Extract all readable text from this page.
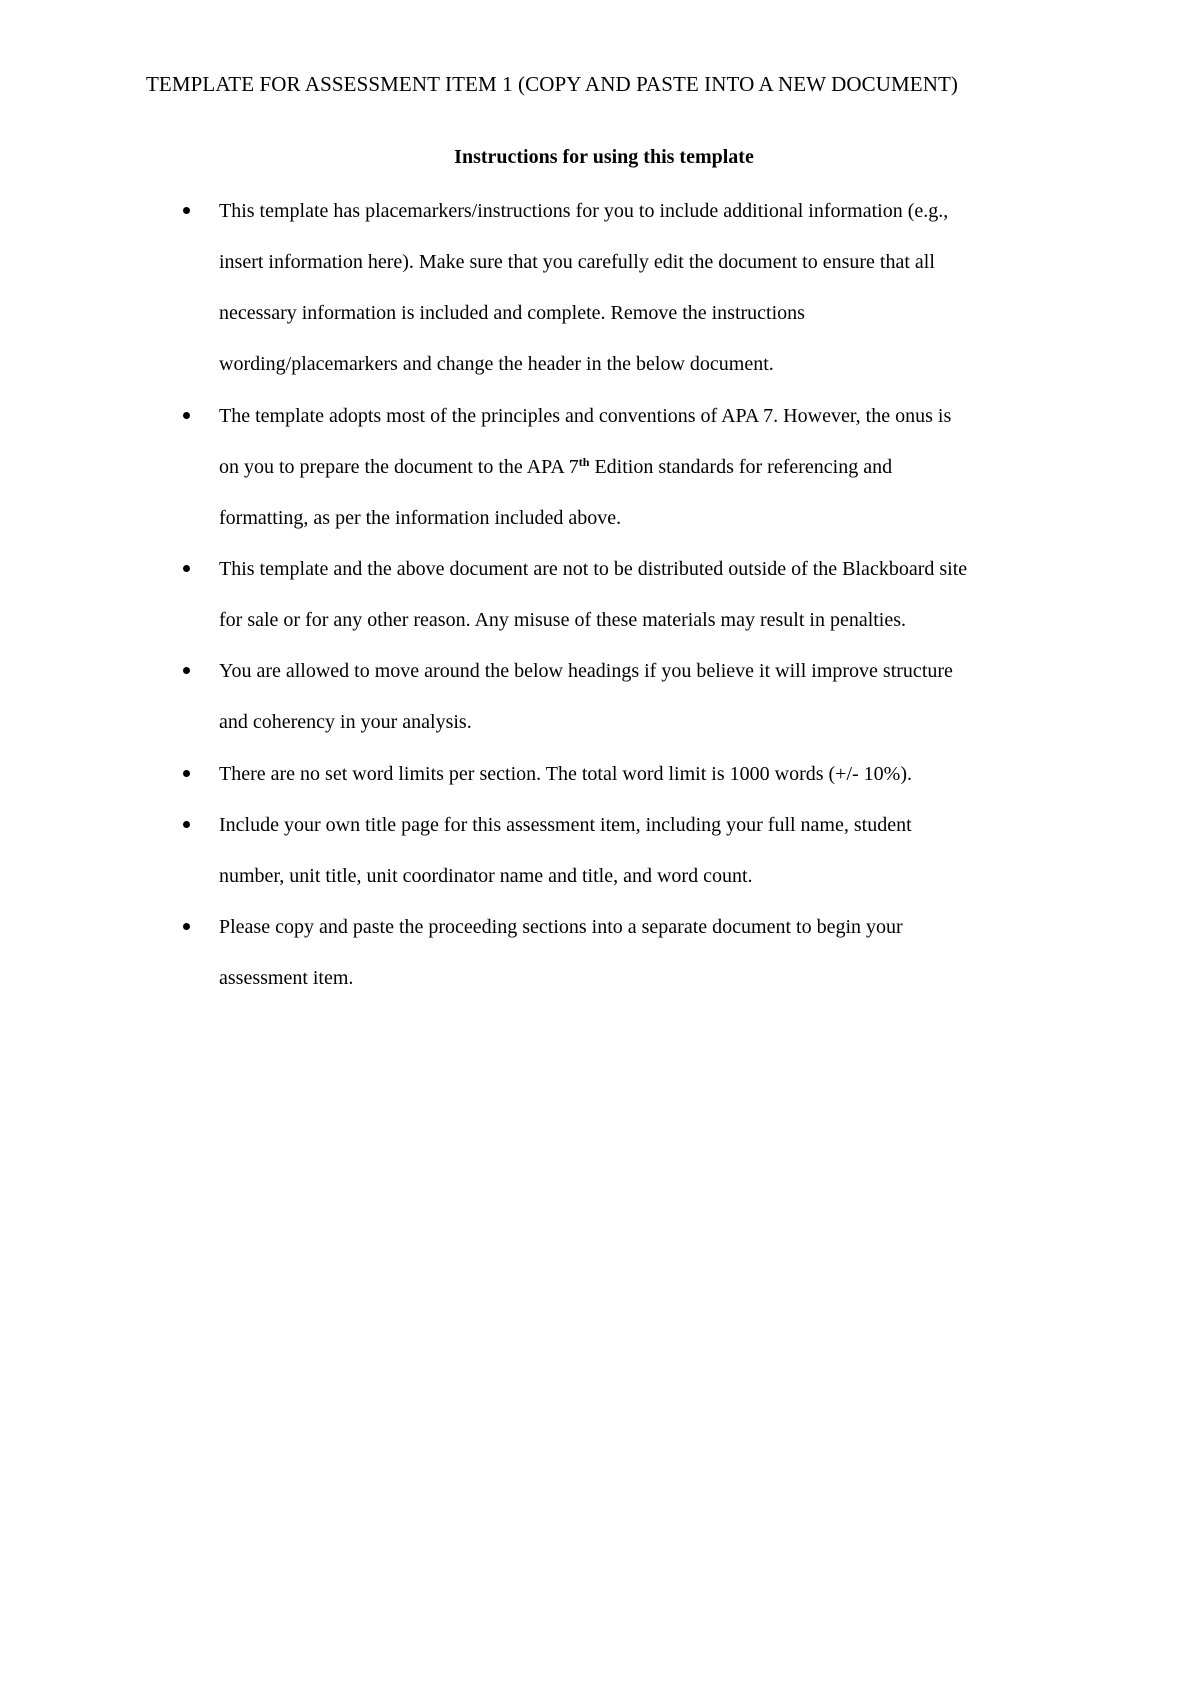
TEMPLATE FOR ASSESSMENT ITEM 1 (COPY AND PASTE INTO A NEW DOCUMENT)
Instructions for using this template
This template has placemarkers/instructions for you to include additional information (e.g.,
insert information here). Make sure that you carefully edit the document to ensure that all
necessary information is included and complete. Remove the instructions
wording/placemarkers and change the header in the below document.
The template adopts most of the principles and conventions of APA 7. However, the onus is
on you to prepare the document to the APA 7th Edition standards for referencing and
formatting, as per the information included above.
This template and the above document are not to be distributed outside of the Blackboard site
for sale or for any other reason. Any misuse of these materials may result in penalties.
You are allowed to move around the below headings if you believe it will improve structure
and coherency in your analysis.
There are no set word limits per section. The total word limit is 1000 words (+/- 10%).
Include your own title page for this assessment item, including your full name, student
number, unit title, unit coordinator name and title, and word count.
Please copy and paste the proceeding sections into a separate document to begin your
assessment item.
